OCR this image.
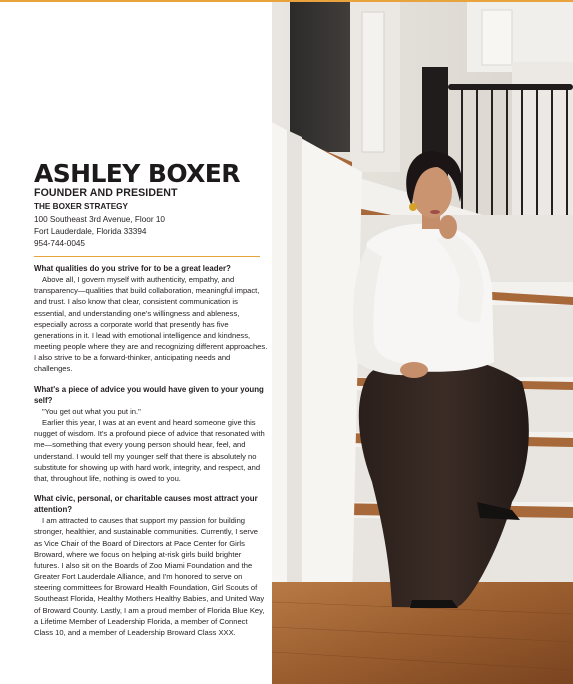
ASHLEY BOXER
FOUNDER AND PRESIDENT
THE BOXER STRATEGY
100 Southeast 3rd Avenue, Floor 10
Fort Lauderdale, Florida 33394
954-744-0045
What qualities do you strive for to be a great leader?

Above all, I govern myself with authenticity, empathy, and transparency—qualities that build collaboration, meaningful impact, and trust. I also know that clear, consistent communication is essential, and understanding one's willingness and ableness, especially across a corporate world that presently has five generations in it. I lead with emotional intelligence and kindness, meeting people where they are and recognizing different approaches. I also strive to be a forward-thinker, anticipating needs and challenges.

What's a piece of advice you would have given to your young self?

"You get out what you put in."

Earlier this year, I was at an event and heard someone give this nugget of wisdom. It's a profound piece of advice that resonated with me—something that every young person should hear, feel, and understand. I would tell my younger self that there is absolutely no substitute for showing up with hard work, integrity, and respect, and that, throughout life, nothing is owed to you.

What civic, personal, or charitable causes most attract your attention?

I am attracted to causes that support my passion for building stronger, healthier, and sustainable communities. Currently, I serve as Vice Chair of the Board of Directors at Pace Center for Girls Broward, where we focus on helping at-risk girls build brighter futures. I also sit on the Boards of Zoo Miami Foundation and the Greater Fort Lauderdale Alliance, and I'm honored to serve on steering committees for Broward Health Foundation, Girl Scouts of Southeast Florida, Healthy Mothers Healthy Babies, and United Way of Broward County. Lastly, I am a proud member of Florida Blue Key, a Lifetime Member of Leadership Florida, a member of Connect Class 10, and a member of Leadership Broward Class XXX.
